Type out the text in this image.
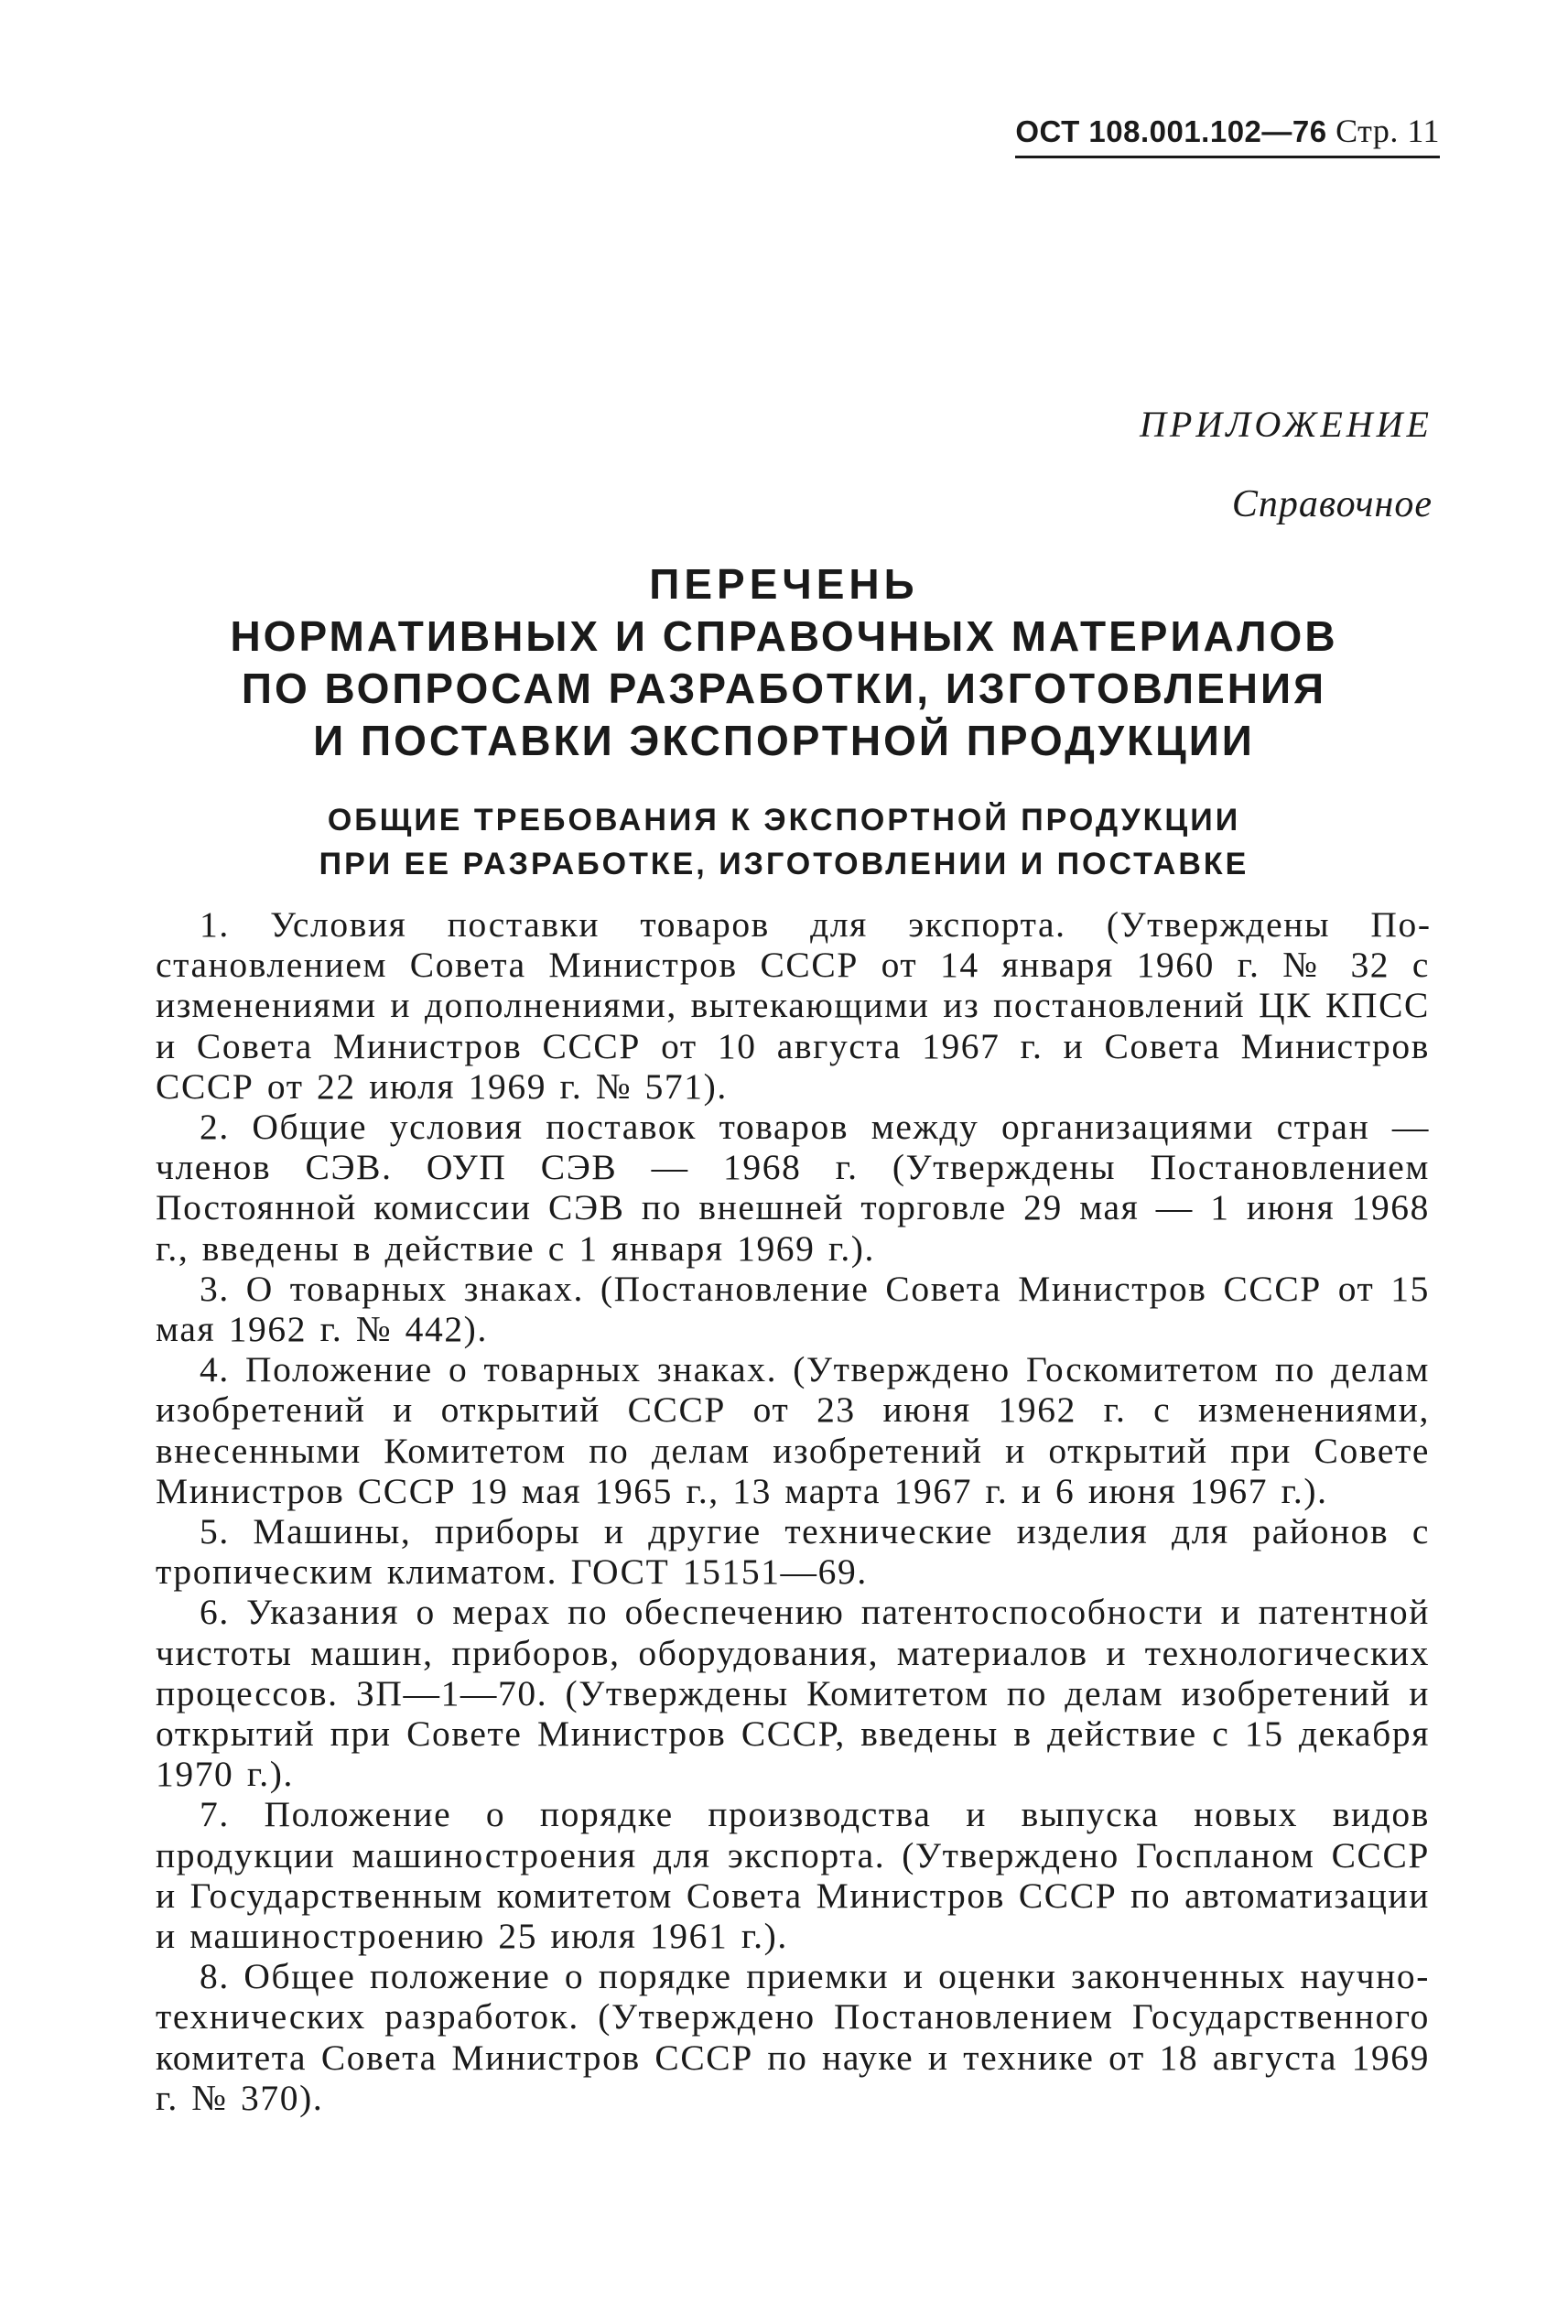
ОСТ 108.001.102—76 Стр. 11
ПРИЛОЖЕНИЕ
Справочное
ПЕРЕЧЕНЬ
НОРМАТИВНЫХ И СПРАВОЧНЫХ МАТЕРИАЛОВ
ПО ВОПРОСАМ РАЗРАБОТКИ, ИЗГОТОВЛЕНИЯ
И ПОСТАВКИ ЭКСПОРТНОЙ ПРОДУКЦИИ
ОБЩИЕ ТРЕБОВАНИЯ К ЭКСПОРТНОЙ ПРОДУКЦИИ
ПРИ ЕЕ РАЗРАБОТКЕ, ИЗГОТОВЛЕНИИ И ПОСТАВКЕ

1. Условия поставки товаров для экспорта. (Утверждены Постановлением Совета Министров СССР от 14 января 1960 г. № 32 с изменениями и дополнениями, вытекающими из постановлений ЦК КПСС и Совета Министров СССР от 10 августа 1967 г. и Совета Министров СССР от 22 июля 1969 г. № 571).

2. Общие условия поставок товаров между организациями стран — членов СЭВ. ОУП СЭВ — 1968 г. (Утверждены Постановлением Постоянной комиссии СЭВ по внешней торговле 29 мая — 1 июня 1968 г., введены в действие с 1 января 1969 г.).

3. О товарных знаках. (Постановление Совета Министров СССР от 15 мая 1962 г. № 442).

4. Положение о товарных знаках. (Утверждено Госкомитетом по делам изобретений и открытий СССР от 23 июня 1962 г. с изменениями, внесенными Комитетом по делам изобретений и открытий при Совете Министров СССР 19 мая 1965 г., 13 марта 1967 г. и 6 июня 1967 г.).

5. Машины, приборы и другие технические изделия для районов с тропическим климатом. ГОСТ 15151—69.

6. Указания о мерах по обеспечению патентоспособности и патентной чистоты машин, приборов, оборудования, материалов и технологических процессов. ЗП—1—70. (Утверждены Комитетом по делам изобретений и открытий при Совете Министров СССР, введены в действие с 15 декабря 1970 г.).

7. Положение о порядке производства и выпуска новых видов продукции машиностроения для экспорта. (Утверждено Госпланом СССР и Государственным комитетом Совета Министров СССР по автоматизации и машиностроению 25 июля 1961 г.).

8. Общее положение о порядке приемки и оценки законченных научно-технических разработок. (Утверждено Постановлением Государственного комитета Совета Министров СССР по науке и технике от 18 августа 1969 г. № 370).
